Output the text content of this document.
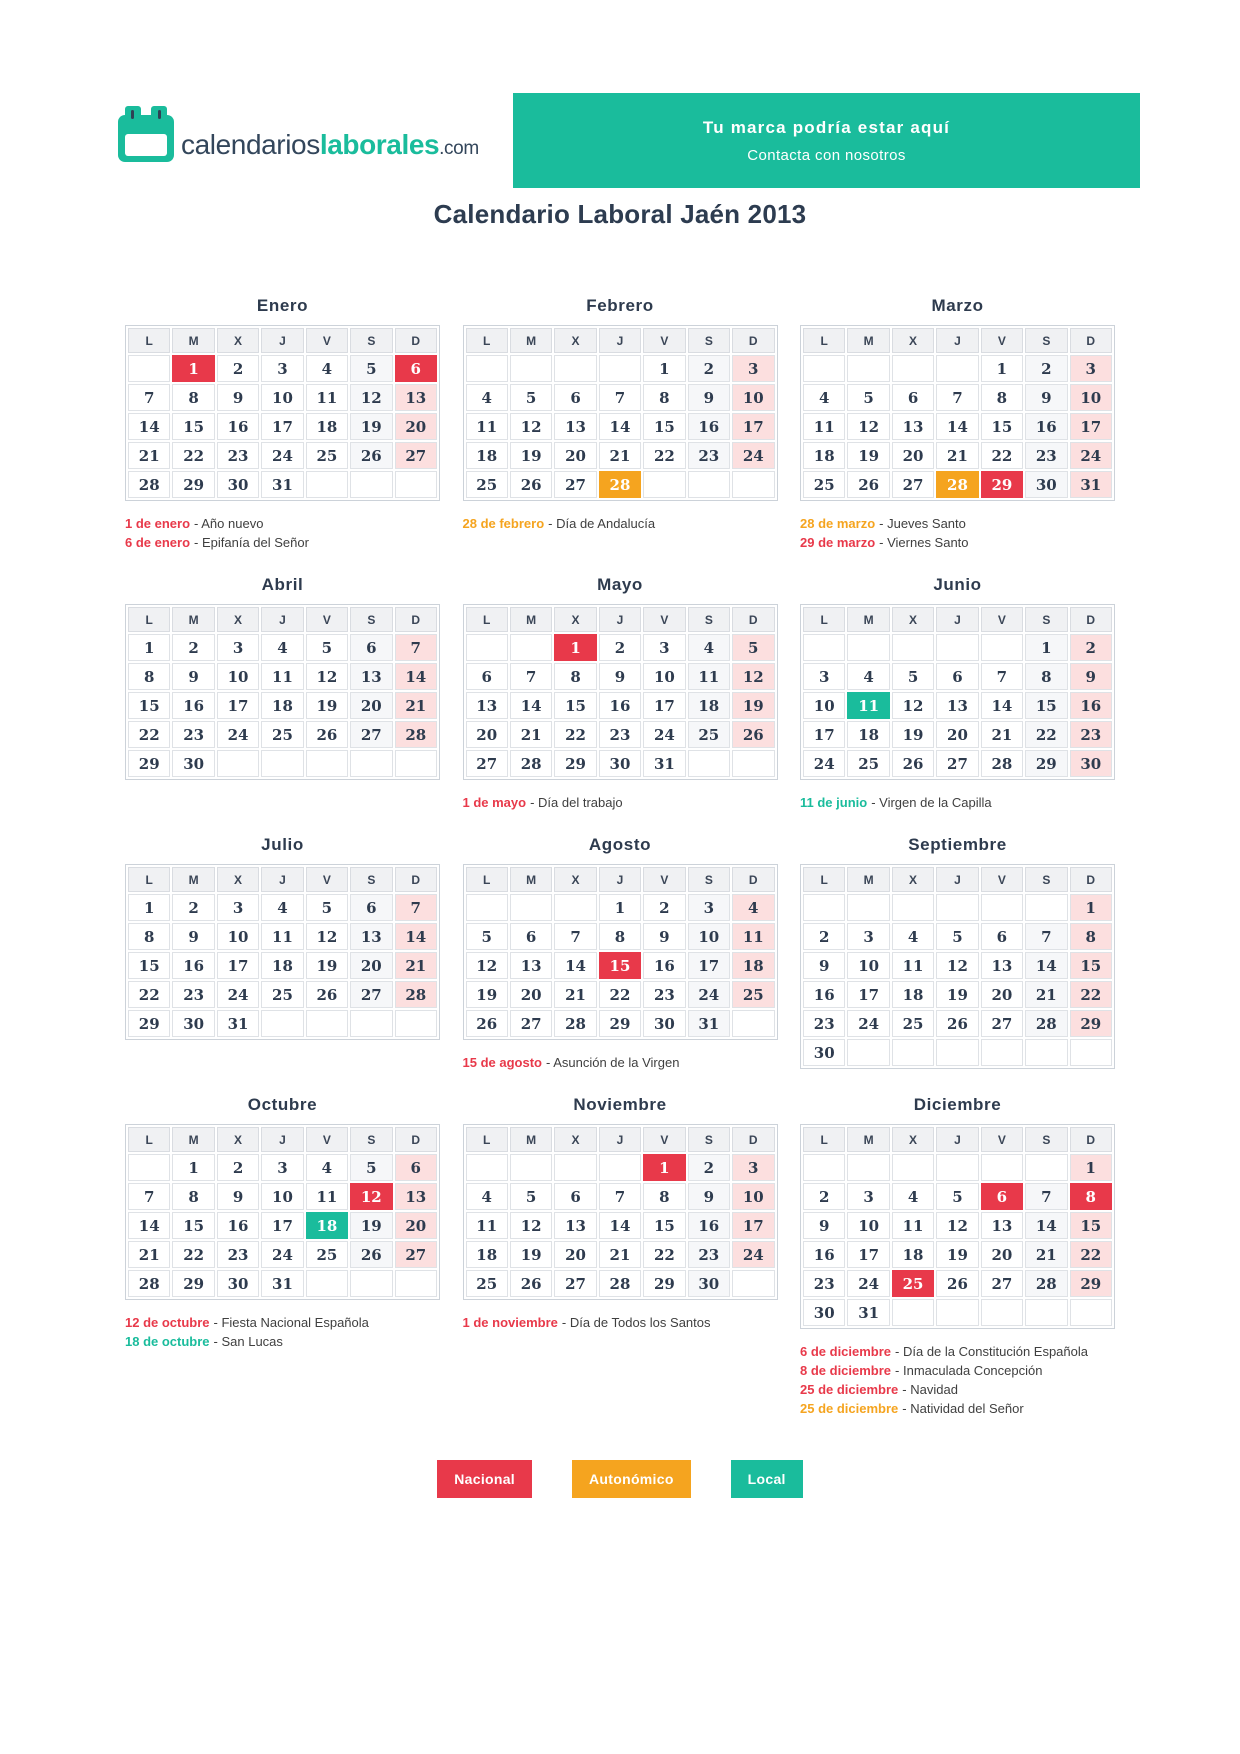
calendarioslaborales.com
Tu marca podría estar aquí
Contacta con nosotros
Calendario Laboral Jaén 2013
Enero
L	M	X	J	V	S	D
	1	2	3	4	5	6
7	8	9	10	11	12	13
14	15	16	17	18	19	20
21	22	23	24	25	26	27
28	29	30	31			
1 de enero - Año nuevo
6 de enero - Epifanía del Señor
Febrero
L	M	X	J	V	S	D
				1	2	3
4	5	6	7	8	9	10
11	12	13	14	15	16	17
18	19	20	21	22	23	24
25	26	27	28			
28 de febrero - Día de Andalucía
Marzo
L	M	X	J	V	S	D
				1	2	3
4	5	6	7	8	9	10
11	12	13	14	15	16	17
18	19	20	21	22	23	24
25	26	27	28	29	30	31
28 de marzo - Jueves Santo
29 de marzo - Viernes Santo
Abril
L	M	X	J	V	S	D
1	2	3	4	5	6	7
8	9	10	11	12	13	14
15	16	17	18	19	20	21
22	23	24	25	26	27	28
29	30					
Mayo
L	M	X	J	V	S	D
		1	2	3	4	5
6	7	8	9	10	11	12
13	14	15	16	17	18	19
20	21	22	23	24	25	26
27	28	29	30	31		
1 de mayo - Día del trabajo
Junio
L	M	X	J	V	S	D
					1	2
3	4	5	6	7	8	9
10	11	12	13	14	15	16
17	18	19	20	21	22	23
24	25	26	27	28	29	30
11 de junio - Virgen de la Capilla
Julio
L	M	X	J	V	S	D
1	2	3	4	5	6	7
8	9	10	11	12	13	14
15	16	17	18	19	20	21
22	23	24	25	26	27	28
29	30	31				
Agosto
L	M	X	J	V	S	D
			1	2	3	4
5	6	7	8	9	10	11
12	13	14	15	16	17	18
19	20	21	22	23	24	25
26	27	28	29	30	31	
15 de agosto - Asunción de la Virgen
Septiembre
L	M	X	J	V	S	D
						1
2	3	4	5	6	7	8
9	10	11	12	13	14	15
16	17	18	19	20	21	22
23	24	25	26	27	28	29
30						
Octubre
L	M	X	J	V	S	D
	1	2	3	4	5	6
7	8	9	10	11	12	13
14	15	16	17	18	19	20
21	22	23	24	25	26	27
28	29	30	31			
12 de octubre - Fiesta Nacional Española
18 de octubre - San Lucas
Noviembre
L	M	X	J	V	S	D
				1	2	3
4	5	6	7	8	9	10
11	12	13	14	15	16	17
18	19	20	21	22	23	24
25	26	27	28	29	30	
1 de noviembre - Día de Todos los Santos
Diciembre
L	M	X	J	V	S	D
						1
2	3	4	5	6	7	8
9	10	11	12	13	14	15
16	17	18	19	20	21	22
23	24	25	26	27	28	29
30	31					
6 de diciembre - Día de la Constitución Española
8 de diciembre - Inmaculada Concepción
25 de diciembre - Navidad
25 de diciembre - Natividad del Señor
Nacional	Autonómico	Local
